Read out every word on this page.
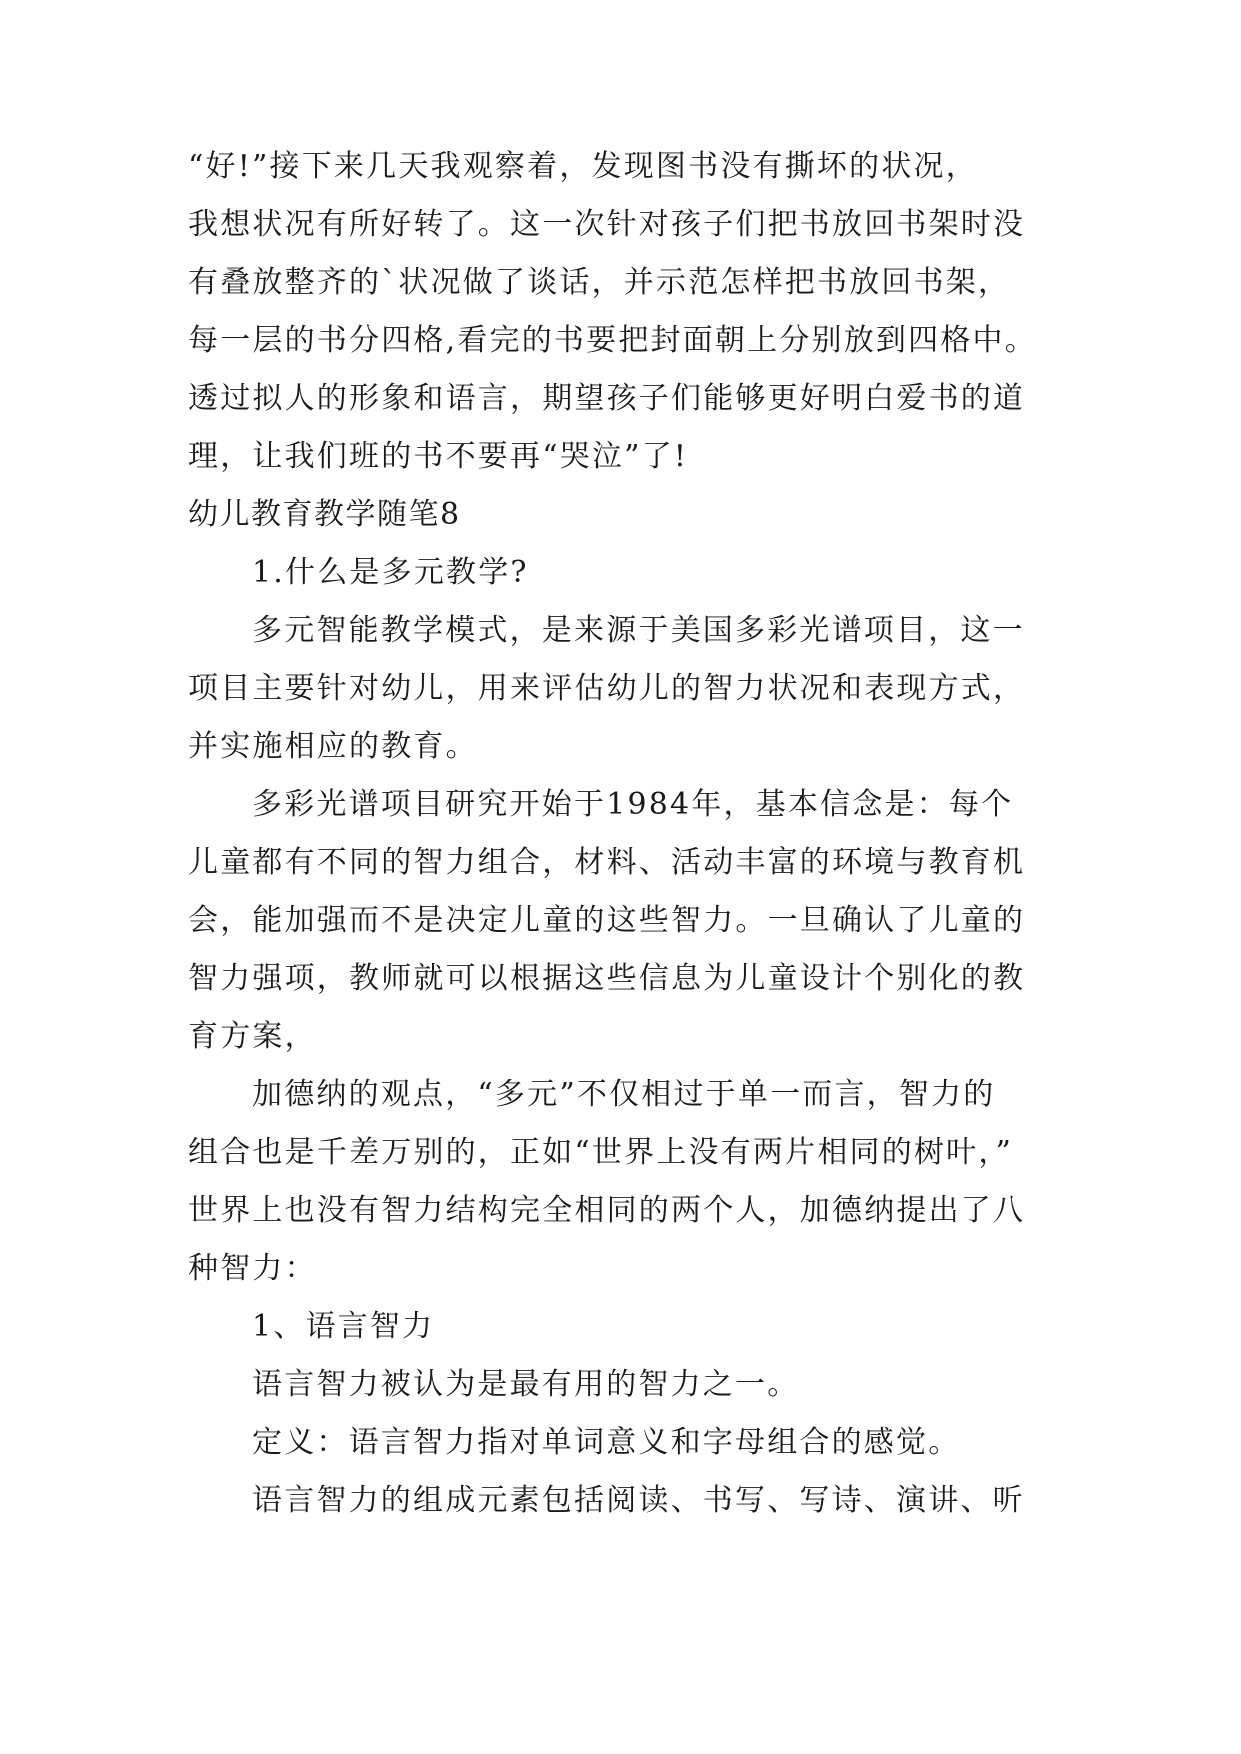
“好!”接下来几天我观察着，发现图书没有撕坏的状况，
我想状况有所好转了。这一次针对孩子们把书放回书架时没
有叠放整齐的`状况做了谈话，并示范怎样把书放回书架，
每一层的书分四格,看完的书要把封面朝上分别放到四格中。
透过拟人的形象和语言，期望孩子们能够更好明白爱书的道
理，让我们班的书不要再“哭泣”了!
幼儿教育教学随笔8
1.什么是多元教学?
多元智能教学模式，是来源于美国多彩光谱项目，这一
项目主要针对幼儿，用来评估幼儿的智力状况和表现方式，
并实施相应的教育。
多彩光谱项目研究开始于1984年，基本信念是：每个
儿童都有不同的智力组合，材料、活动丰富的环境与教育机
会，能加强而不是决定儿童的这些智力。一旦确认了儿童的
智力强项，教师就可以根据这些信息为儿童设计个别化的教
育方案，
加德纳的观点，“多元”不仅相过于单一而言，智力的
组合也是千差万别的，正如“世界上没有两片相同的树叶，”
世界上也没有智力结构完全相同的两个人，加德纳提出了八
种智力：
1、语言智力
语言智力被认为是最有用的智力之一。
定义：语言智力指对单词意义和字母组合的感觉。
语言智力的组成元素包括阅读、书写、写诗、演讲、听
